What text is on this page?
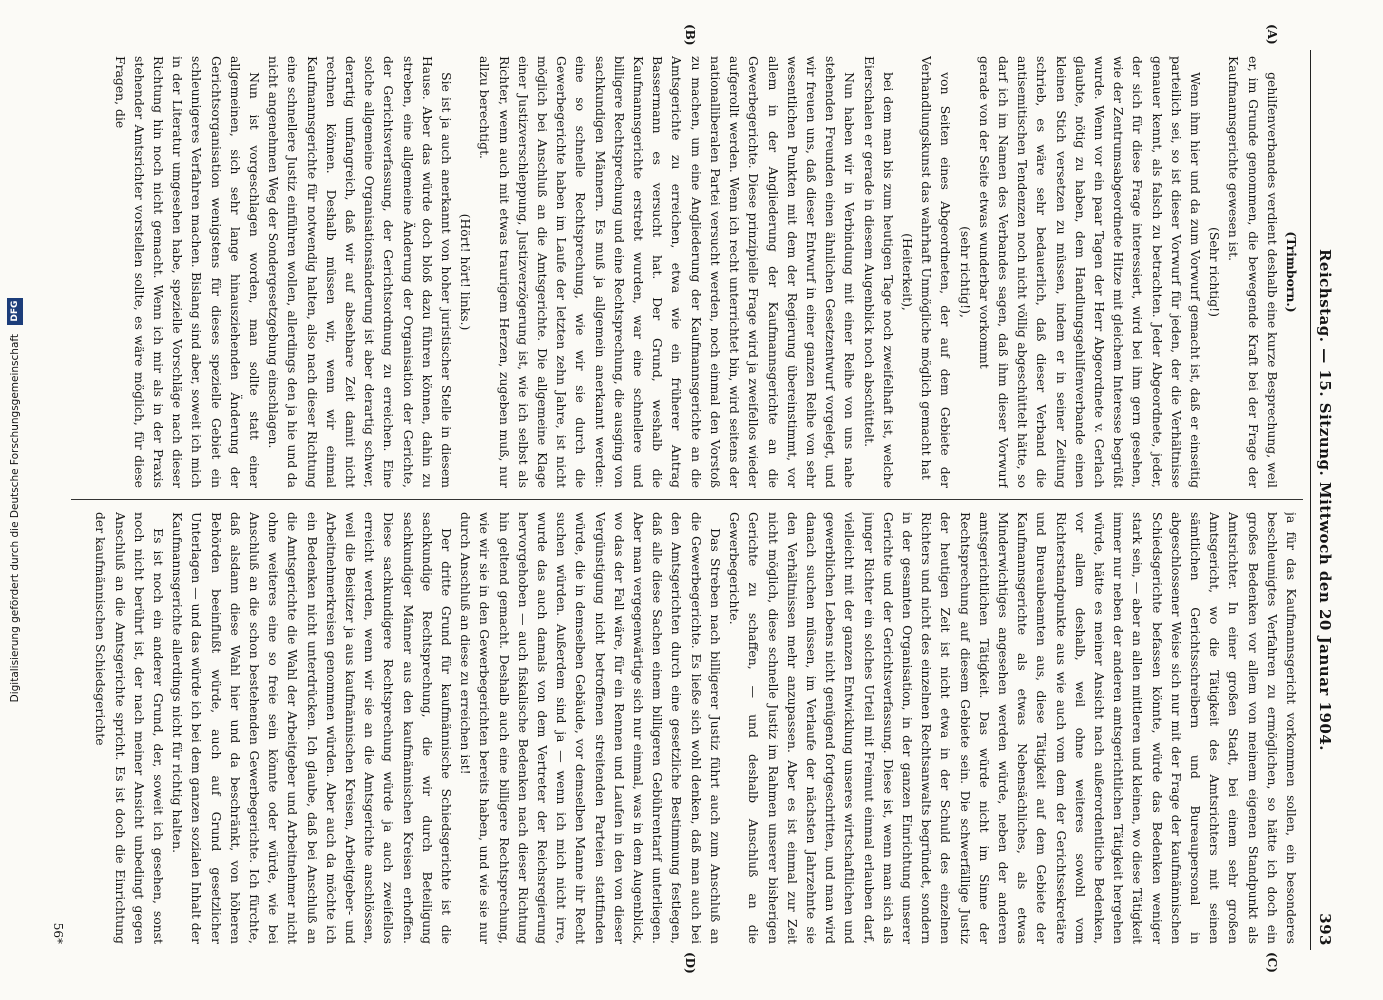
Reichstag. — 15. Sitzung. Mittwoch den 20 Januar 1904.
393

(Trimborn.)

gehilfenverbandes verdient deshalb eine kurze Besprechung, weil er, im Grunde genommen, die bewegende Kraft bei der Frage der Kaufmannsgerichte gewesen ist.

(Sehr richtig!)

Wenn ihm hier und da zum Vorwurf gemacht ist, daß er einseitig parteilich sei, so ist dieser Vorwurf für jeden, der die Verhältnisse genauer kennt, als falsch zu betrachten. Jeder Abgeordnete, jeder, der sich für diese Frage interessiert, wird bei ihm gern gesehen, wie der Zentrumsabgeordnete Hitze mit gleichem Interesse begrüßt wurde. Wenn vor ein paar Tagen der Herr Abgeordnete v. Gerlach glaubte, nötig zu haben, dem Handlungsgehilfenverbande einen kleinen Stich versetzen zu müssen, indem er in seiner Zeitung schrieb, es wäre sehr bedauerlich, daß dieser Verband die antisemitischen Tendenzen noch nicht völlig abgeschüttelt hätte, so darf ich im Namen des Verbandes sagen, daß ihm dieser Vorwurf gerade von der Seite etwas wunderbar vorkommt

(sehr richtig!),

von Seiten eines Abgeordneten, der auf dem Gebiete der Verhandlungskunst das wahrhaft Unmögliche möglich gemacht hat

(Heiterkeit),

bei dem man bis zum heutigen Tage noch zweifelhaft ist, welche Eierschalen er gerade in diesem Augenblick noch abschüttelt.

Nun haben wir in Verbindung mit einer Reihe von uns nahe stehenden Freunden einen ähnlichen Gesetzentwurf vorgelegt, und wir freuen uns, daß dieser Entwurf in einer ganzen Reihe von sehr wesentlichen Punkten mit dem der Regierung übereinstimmt, vor allem in der Angliederung der Kaufmannsgerichte an die Gewerbegerichte. Diese prinzipielle Frage wird ja zweifellos wieder aufgerollt werden. Wenn ich recht unterrichtet bin, wird seitens der nationalliberalen Partei versucht werden, noch einmal den Vorstoß zu machen, um eine Angliederung der Kaufmannsgerichte an die Amtsgerichte zu erreichen, etwa wie ein früherer Antrag Bassermann es versucht hat. Der Grund, weshalb die Kaufmannsgerichte erstrebt wurden, war eine schnellere und billigere Rechtsprechung und eine Rechtsprechung, die ausging von sachkundigen Männern. Es muß ja allgemein anerkannt werden: eine so schnelle Rechtsprechung, wie wir sie durch die Gewerbegerichte haben im Laufe der letzten zehn Jahre, ist nicht möglich bei Anschluß an die Amtsgerichte. Die allgemeine Klage einer Justizverschleppung, Justizverzögerung ist, wie ich selbst als Richter, wenn auch mit etwas traurigem Herzen, zugeben muß, nur allzu berechtigt.

(Hört! hört! links.)

Sie ist ja auch anerkannt von hoher juristischer Stelle in diesem Hause. Aber das würde doch bloß dazu führen können, dahin zu streben, eine allgemeine Änderung der Organisation der Gerichte, der Gerichtsverfassung, der Gerichtsordnung zu erreichen. Eine solche allgemeine Organisationsänderung ist aber derartig schwer, derartig umfangreich, daß wir auf absehbare Zeit damit nicht rechnen können. Deshalb müssen wir, wenn wir einmal Kaufmannsgerichte für notwendig halten, also nach dieser Richtung eine schnellere Justiz einführen wollen, allerdings den ja hie und da nicht angenehmen Weg der Sondergesetzgebung einschlagen.

Nun ist vorgeschlagen worden, man sollte statt einer allgemeinen, sich sehr lange hinausziehenden Änderung der Gerichtsorganisation wenigstens für dieses spezielle Gebiet ein schleunigeres Verfahren machen. Bislang sind aber, soweit ich mich in der Literatur umgesehen habe, spezielle Vorschläge nach dieser Richtung hin noch nicht gemacht. Wenn ich mir als in der Praxis stehender Amtsrichter vorstellen sollte, es wäre möglich, für diese Fragen, die

ja für das Kaufmannsgericht vorkommen sollen, ein besonderes beschleunigtes Verfahren zu ermöglichen, so hätte ich doch ein großes Bedenken vor allem von meinem eigenen Standpunkt als Amtsrichter. In einer großen Stadt, bei einem sehr großen Amtsgericht, wo die Tätigkeit des Amtsrichters mit seinen sämtlichen Gerichtsschreibern und Bureaupersonal in abgeschlossener Weise sich nur mit der Frage der kaufmännischen Schiedsgerichte befassen könnte, würde das Bedenken weniger stark sein, — aber an allen mittleren und kleinen, wo diese Tätigkeit immer nur neben der anderen amtsgerichtlichen Tätigkeit hergehen würde, hätte es meiner Ansicht nach außerordentliche Bedenken, vor allem deshalb, weil ohne weiteres sowohl vom Richterstandpunkte aus wie auch vom dem der Gerichtssekretäre und Bureaubeamten aus, diese Tätigkeit auf dem Gebiete der Kaufmannsgerichte als etwas Nebensächliches, als etwas Minderwichtiges angesehen werden würde, neben der anderen amtsgerichtlichen Tätigkeit. Das würde nicht im Sinne der Rechtsprechung auf diesem Gebiete sein. Die schwerfällige Justiz der heutigen Zeit ist nicht etwa in der Schuld des einzelnen Richters und nicht des einzelnen Rechtsanwalts begründet, sondern in der gesamten Organisation, in der ganzen Einrichtung unserer Gerichte und der Gerichtsverfassung. Diese ist, wenn man sich als junger Richter ein solches Urteil mit Freimut einmal erlauben darf, vielleicht mit der ganzen Entwicklung unseres wirtschaftlichen und gewerblichen Lebens nicht genügend fortgeschritten, und man wird danach suchen müssen, im Verlaufe der nächsten Jahrzehnte sie den Verhältnissen mehr anzupassen. Aber es ist einmal zur Zeit nicht möglich, diese schnelle Justiz im Rahmen unserer bisherigen Gerichte zu schaffen, — und deshalb Anschluß an die Gewerbegerichte.

Das Streben nach billigerer Justiz führt auch zum Anschluß an die Gewerbegerichte. Es ließe sich wohl denken, daß man auch bei den Amtsgerichten durch eine gesetzliche Bestimmung festlegen, daß alle diese Sachen einem billigeren Gebührentarif unterliegen. Aber man vergegenwärtige sich nur einmal, was in dem Augenblick, wo das der Fall wäre, für ein Rennen und Laufen in den von dieser Vergünstigung nicht betroffenen streitenden Parteien stattfinden würde, die in demselben Gebäude, vor demselben Manne ihr Recht suchen würden. Außerdem sind ja — wenn ich mich nicht irre, wurde das auch damals von dem Vertreter der Reichsregierung hervorgehoben — auch fiskalische Bedenken nach dieser Richtung hin geltend gemacht. Deshalb auch eine billigere Rechtsprechung, wie wir sie in den Gewerbegerichten bereits haben, und wie sie nur durch Anschluß an diese zu erreichen ist!

Der dritte Grund für kaufmännische Schiedsgerichte ist die sachkundige Rechtsprechung, die wir durch Beteiligung sachkundiger Männer aus den kaufmännischen Kreisen erhoffen. Diese sachkundigere Rechtsprechung würde ja auch zweifellos erreicht werden, wenn wir sie an die Amtsgerichte anschlössen, weil die Beisitzer ja aus kaufmännischen Kreisen, Arbeitgeber- und Arbeitnehmerkreisen genommen würden. Aber auch da möchte ich ein Bedenken nicht unterdrücken. Ich glaube, daß bei Anschluß an die Amtsgerichte die Wahl der Arbeitgeber und Arbeitnehmer nicht ohne weiteres eine so freie sein könnte oder würde, wie bei Anschluß an die schon bestehenden Gewerbegerichte. Ich fürchte, daß alsdann diese Wahl hier und da beschränkt, von höheren Behörden beeinflußt würde, auch auf Grund gesetzlicher Unterlagen — und das würde ich bei dem ganzen sozialen Inhalt der Kaufmannsgerichte allerdings nicht für richtig halten.

Es ist noch ein anderer Grund, der, soweit ich gesehen, sonst noch nicht berührt ist, der nach meiner Ansicht unbedingt gegen Anschluß an die Amtsgerichte spricht. Es ist doch die Einrichtung der kaufmännischen Schiedsgerichte

(A)
(B)
(C)
(D)
56*
Digitalisierung gefördert durch die Deutsche Forschungsgemeinschaft DFG
